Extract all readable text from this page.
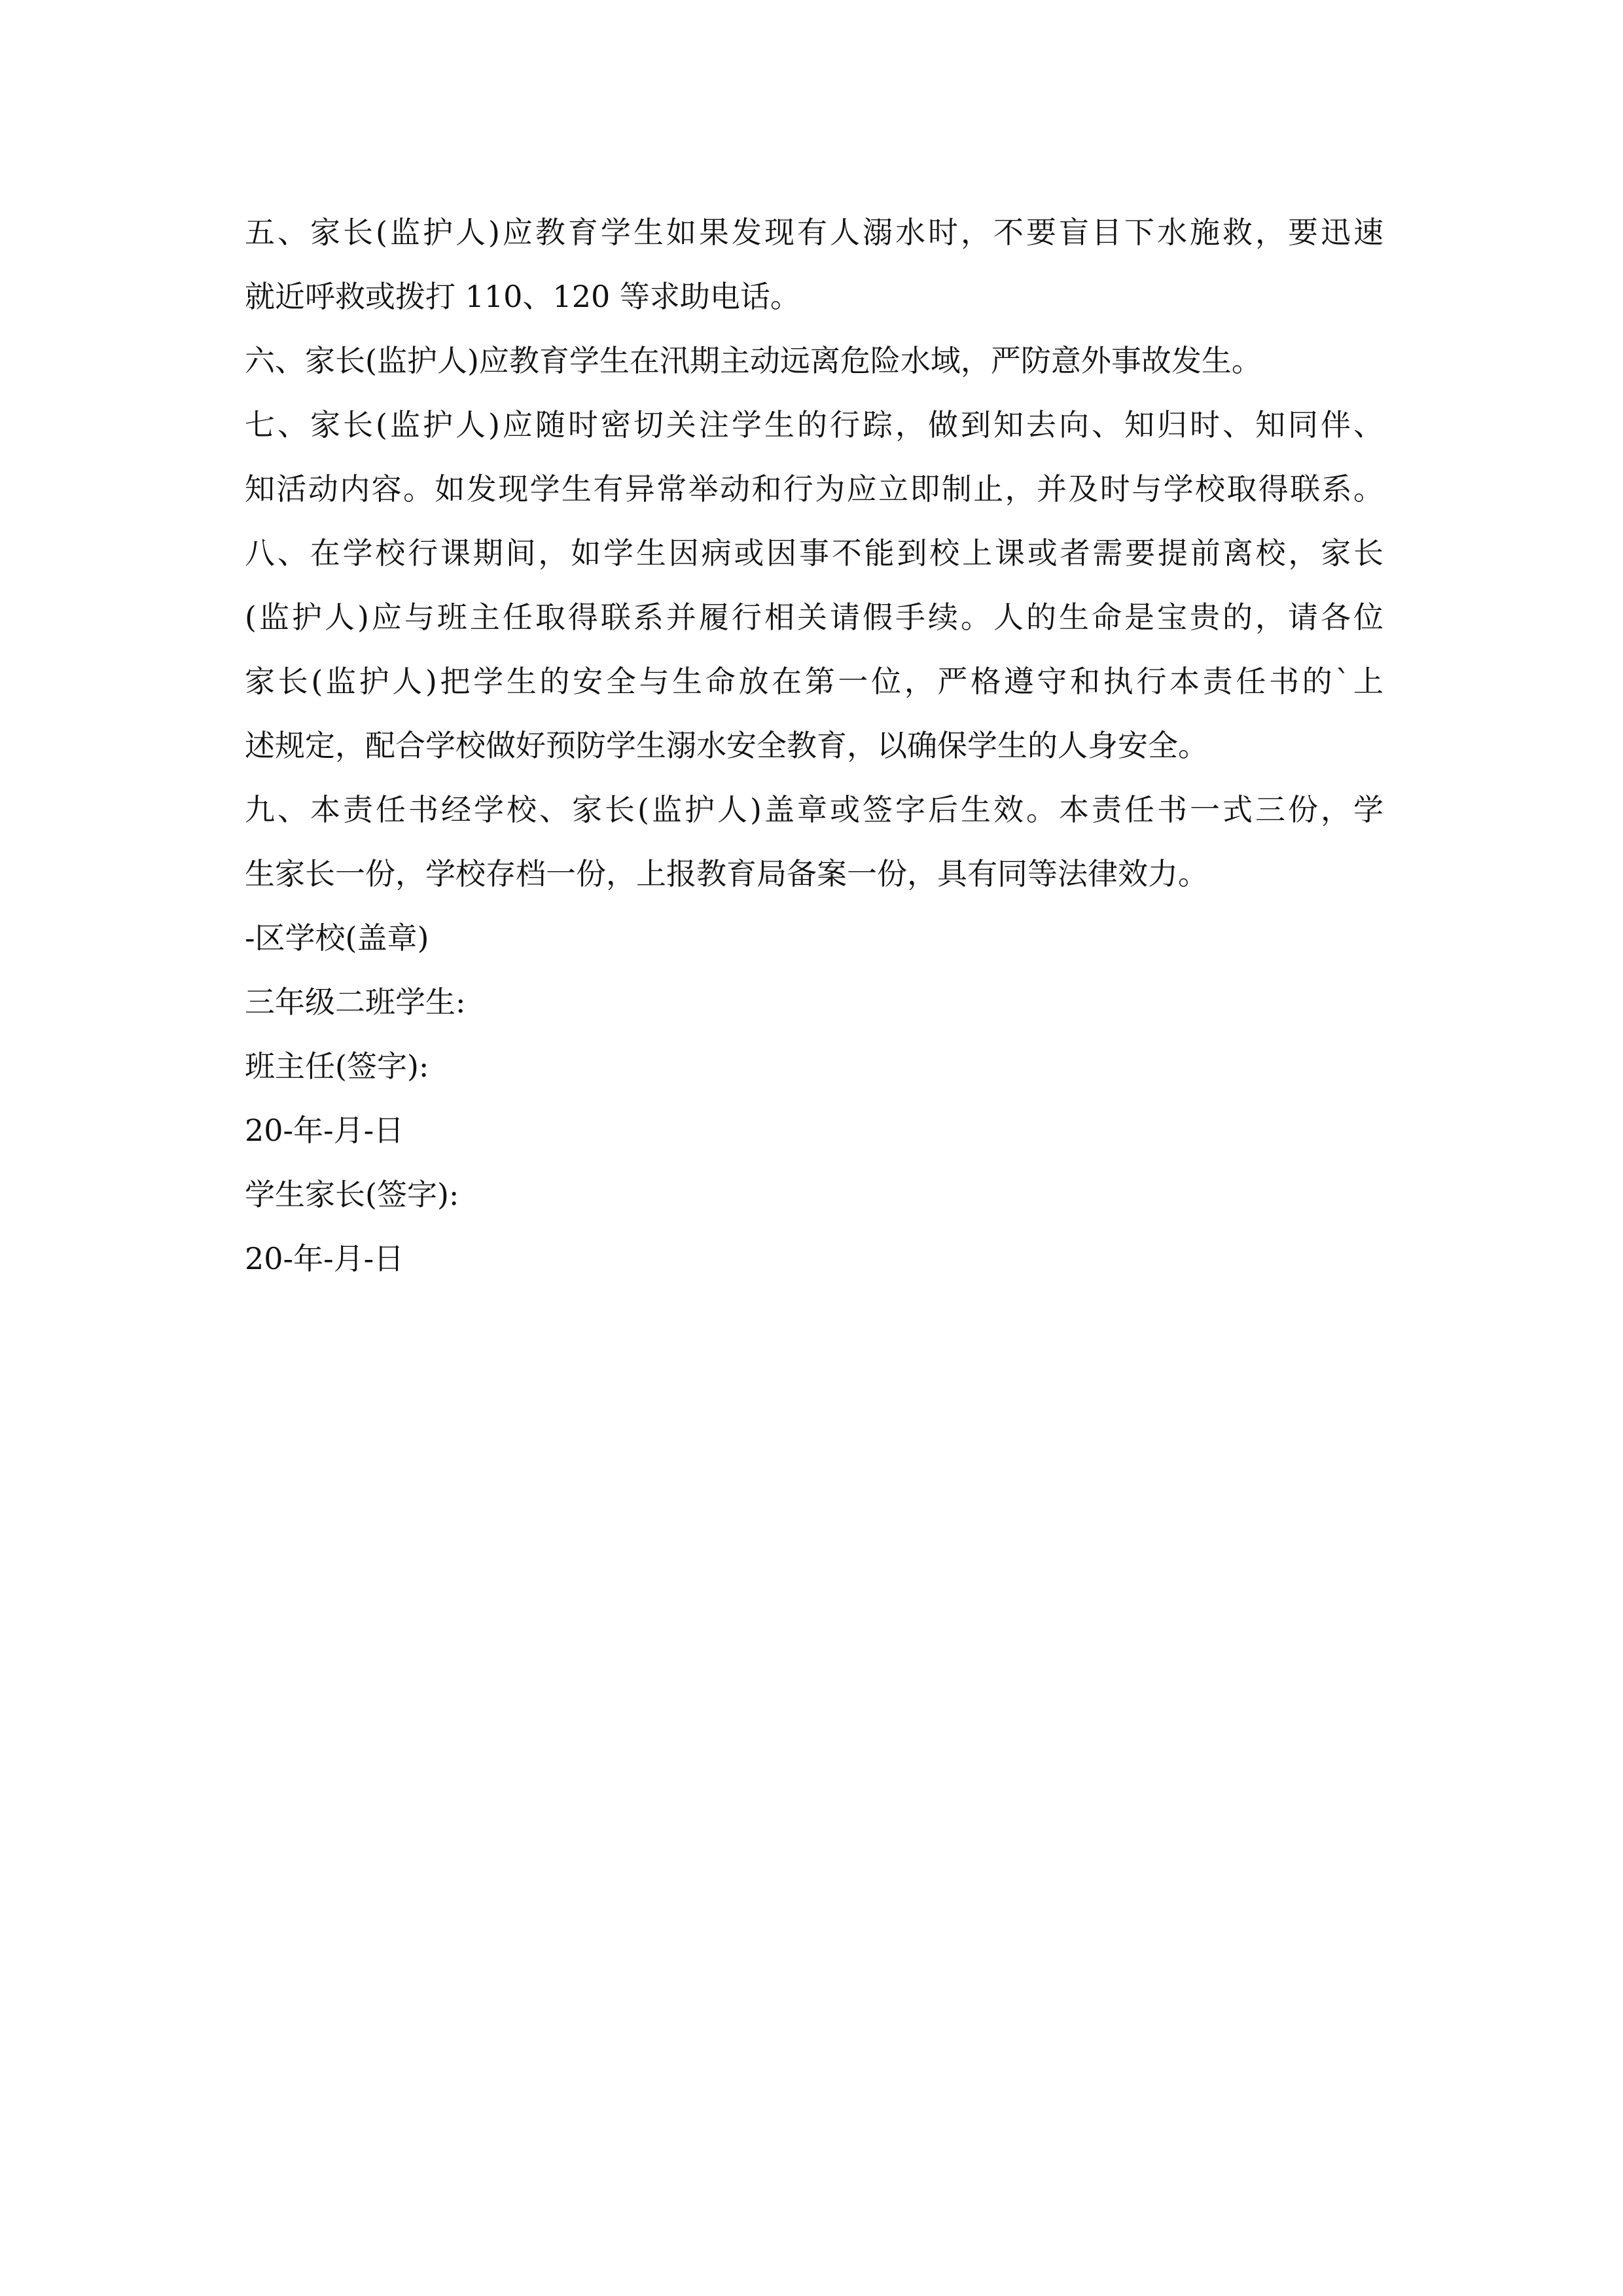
五、家长(监护人)应教育学生如果发现有人溺水时，不要盲目下水施救，要迅速
就近呼救或拨打 110、120 等求助电话。
六、家长(监护人)应教育学生在汛期主动远离危险水域，严防意外事故发生。
七、家长(监护人)应随时密切关注学生的行踪，做到知去向、知归时、知同伴、
知活动内容。如发现学生有异常举动和行为应立即制止，并及时与学校取得联系。
八、在学校行课期间，如学生因病或因事不能到校上课或者需要提前离校，家长
(监护人)应与班主任取得联系并履行相关请假手续。人的生命是宝贵的，请各位
家长(监护人)把学生的安全与生命放在第一位，严格遵守和执行本责任书的`上
述规定，配合学校做好预防学生溺水安全教育，以确保学生的人身安全。
九、本责任书经学校、家长(监护人)盖章或签字后生效。本责任书一式三份，学
生家长一份，学校存档一份，上报教育局备案一份，具有同等法律效力。
-区学校(盖章)
三年级二班学生:
班主任(签字):
20-年-月-日
学生家长(签字):
20-年-月-日
